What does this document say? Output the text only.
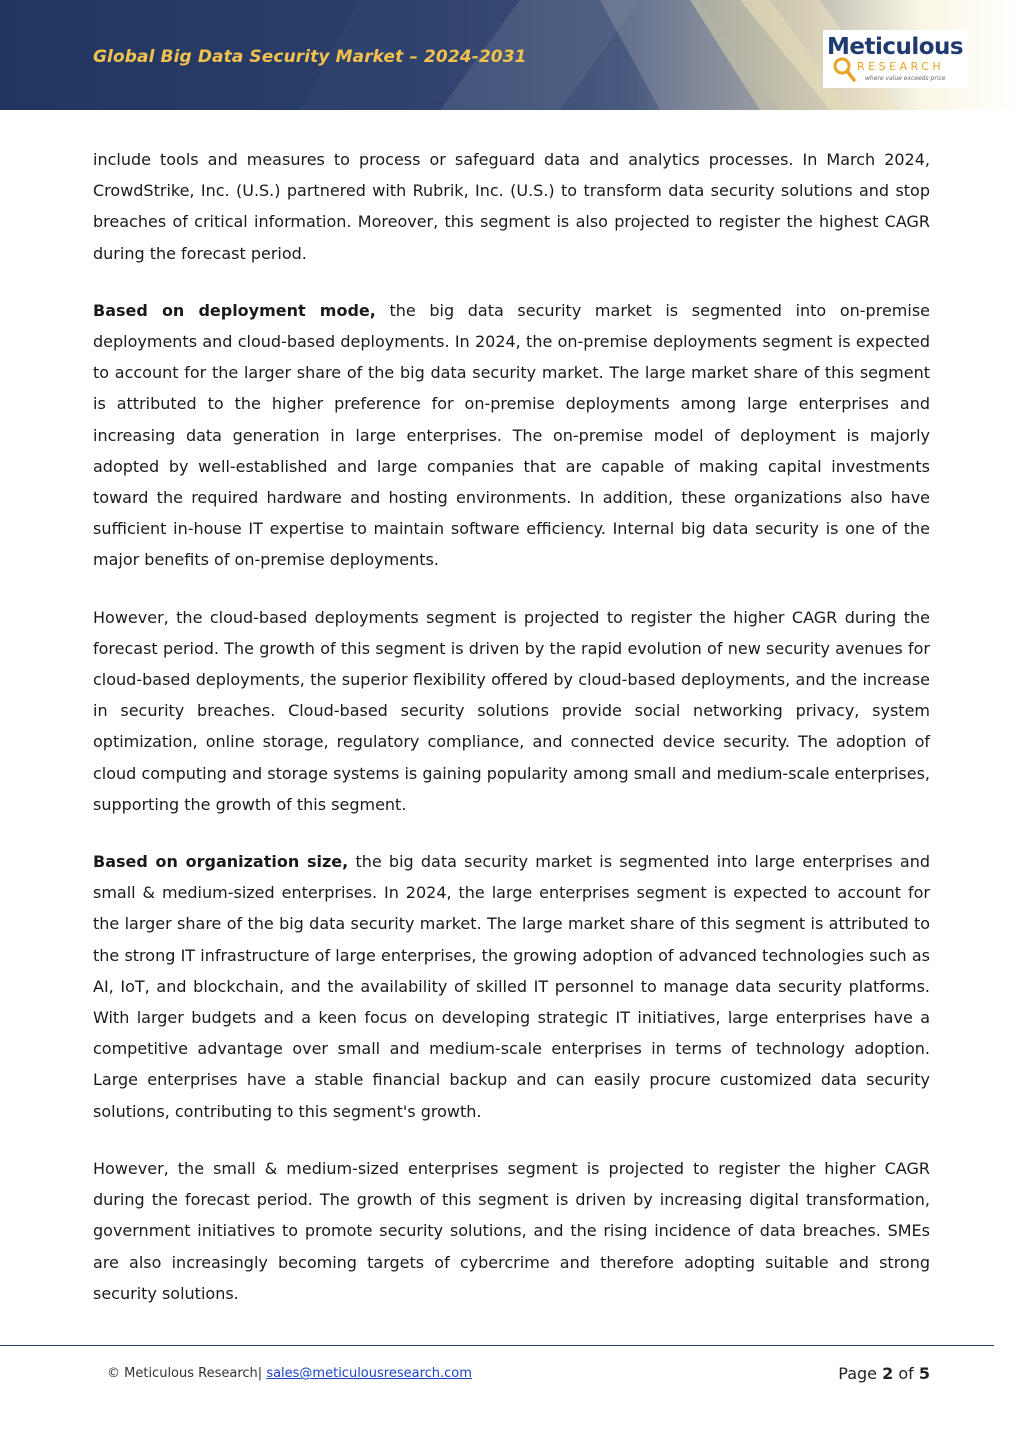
Global Big Data Security Market – 2024-2031	Meticulous
RESEARCH
where value exceeds price

include tools and measures to process or safeguard data and analytics processes. In March 2024, CrowdStrike, Inc. (U.S.) partnered with Rubrik, Inc. (U.S.) to transform data security solutions and stop breaches of critical information. Moreover, this segment is also projected to register the highest CAGR during the forecast period.

Based on deployment mode, the big data security market is segmented into on-premise deployments and cloud-based deployments. In 2024, the on-premise deployments segment is expected to account for the larger share of the big data security market. The large market share of this segment is attributed to the higher preference for on-premise deployments among large enterprises and increasing data generation in large enterprises. The on-premise model of deployment is majorly adopted by well-established and large companies that are capable of making capital investments toward the required hardware and hosting environments. In addition, these organizations also have sufficient in-house IT expertise to maintain software efficiency. Internal big data security is one of the major benefits of on-premise deployments.

However, the cloud-based deployments segment is projected to register the higher CAGR during the forecast period. The growth of this segment is driven by the rapid evolution of new security avenues for cloud-based deployments, the superior flexibility offered by cloud-based deployments, and the increase in security breaches. Cloud-based security solutions provide social networking privacy, system optimization, online storage, regulatory compliance, and connected device security. The adoption of cloud computing and storage systems is gaining popularity among small and medium-scale enterprises, supporting the growth of this segment.

Based on organization size, the big data security market is segmented into large enterprises and small & medium-sized enterprises. In 2024, the large enterprises segment is expected to account for the larger share of the big data security market. The large market share of this segment is attributed to the strong IT infrastructure of large enterprises, the growing adoption of advanced technologies such as AI, IoT, and blockchain, and the availability of skilled IT personnel to manage data security platforms. With larger budgets and a keen focus on developing strategic IT initiatives, large enterprises have a competitive advantage over small and medium-scale enterprises in terms of technology adoption. Large enterprises have a stable financial backup and can easily procure customized data security solutions, contributing to this segment's growth.

However, the small & medium-sized enterprises segment is projected to register the higher CAGR during the forecast period. The growth of this segment is driven by increasing digital transformation, government initiatives to promote security solutions, and the rising incidence of data breaches. SMEs are also increasingly becoming targets of cybercrime and therefore adopting suitable and strong security solutions.

© Meticulous Research| sales@meticulousresearch.com	Page 2 of 5
